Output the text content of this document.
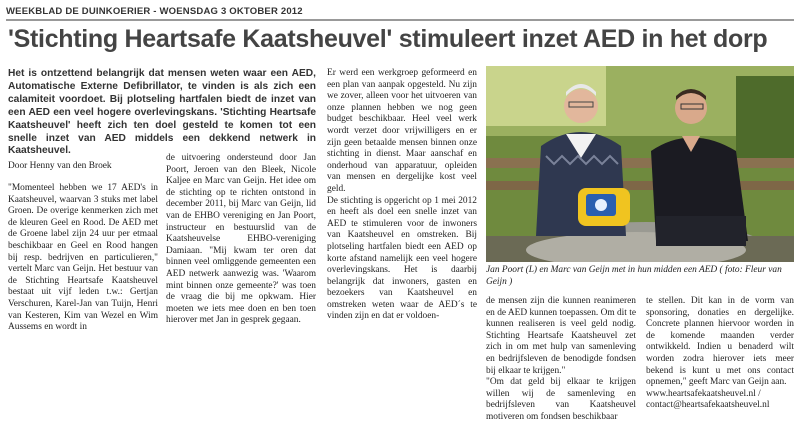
WEEKBLAD DE DUINKOERIER - WOENSDAG 3 OKTOBER 2012
'Stichting Heartsafe Kaatsheuvel' stimuleert inzet AED in het dorp

Het is ontzettend belangrijk dat mensen weten waar een AED, Automatische Externe Defibrillator, te vinden is als zich een calamiteit voordoet. Bij plotseling hartfalen biedt de inzet van een AED een veel hogere overlevingskans. 'Stichting Heartsafe Kaatsheuvel' heeft zich ten doel gesteld te komen tot een snelle inzet van AED middels een dekkend netwerk in Kaatsheuvel.

Door Henny van den Broek

"Momenteel hebben we 17 AED's in Kaatsheuvel, waarvan 3 stuks met label Groen. De overige kenmerken zich met de kleuren Geel en Rood. De AED met de Groene label zijn 24 uur per etmaal beschikbaar en Geel en Rood hangen bij resp. bedrijven en particulieren," vertelt Marc van Geijn. Het bestuur van de Stichting Heartsafe Kaatsheuvel bestaat uit vijf leden t.w.: Gertjan Verschuren, Karel-Jan van Tuijn, Henri van Kesteren, Kim van Wezel en Wim Aussems en wordt in

de uitvoering ondersteund door Jan Poort, Jeroen van den Bleek, Nicole Kaljee en Marc van Geijn. Het idee om de stichting op te richten ontstond in december 2011, bij Marc van Geijn, lid van de EHBO vereniging en Jan Poort, instructeur en bestuurslid van de Kaatsheuvelse EHBO-vereniging Damiaan. "Mij kwam ter oren dat binnen veel omliggende gemeenten een AED netwerk aanwezig was. 'Waarom mint binnen onze gemeente?' was toen de vraag die bij me opkwam. Hier moeten we iets mee doen en ben toen hierover met Jan in gesprek gegaan.

Er werd een werkgroep geformeerd en een plan van aanpak opgesteld. Nu zijn we zover, alleen voor het uitvoeren van onze plannen hebben we nog geen budget beschikbaar. Heel veel werk wordt verzet door vrijwilligers en er zijn geen betaalde mensen binnen onze stichting in dienst. Maar aanschaf en onderhoud van apparatuur, opleiden van mensen en dergelijke kost veel geld.

De stichting is opgericht op 1 mei 2012 en heeft als doel een snelle inzet van AED te stimuleren voor de inwoners van Kaatsheuvel en omstreken. Bij plotseling hartfalen biedt een AED op korte afstand namelijk een veel hogere overlevingskans. Het is daarbij belangrijk dat inwoners, gasten en bezoekers van Kaatsheuvel en omstreken weten waar de AED´s te vinden zijn en dat er voldoen-

Jan Poort (L) en Marc van Geijn met in hun midden een AED ( foto: Fleur van Geijn )

de mensen zijn die kunnen reanimeren en de AED kunnen toepassen. Om dit te kunnen realiseren is veel geld nodig. Stichting Heartsafe Kaatsheuvel zet zich in om met hulp van samenleving en bedrijfsleven de benodigde fondsen bij elkaar te krijgen."

"Om dat geld bij elkaar te krijgen willen wij de samenleving en bedrijfsleven van Kaatsheuvel motiveren om fondsen beschikbaar

te stellen. Dit kan in de vorm van sponsoring, donaties en dergelijke. Concrete plannen hiervoor worden in de komende maanden verder ontwikkeld. Indien u benaderd wilt worden zodra hierover iets meer bekend is kunt u met ons contact opnemen," geeft Marc van Geijn aan.

www.heartsafekaatsheuvel.nl /

contact@heartsafekaatsheuvel.nl
